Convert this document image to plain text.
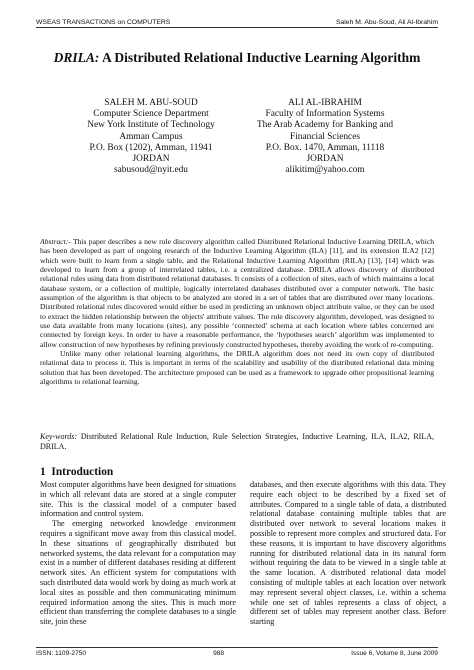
WSEAS TRANSACTIONS on COMPUTERS	Saleh M. Abu-Soud, Ali Al-Ibrahim
DRILA: A Distributed Relational Inductive Learning Algorithm
SALEH M. ABU-SOUD
Computer Science Department
New York Institute of Technology
Amman Campus
P.O. Box (1202), Amman, 11941
JORDAN
sabusoud@nyit.edu
ALI AL-IBRAHIM
Faculty of Information Systems
The Arab Academy for Banking and
Financial Sciences
P.O. Box. 1470, Amman, 11118
JORDAN
alikitim@yahoo.com

Abstract:- This paper describes a new rule discovery algorithm called Distributed Relational Inductive Learning DRILA, which has been developed as part of ongoing research of the Inductive Learning Algorithm (ILA) [11], and its extension ILA2 [12] which were built to learn from a single table, and the Relational Inductive Learning Algorithm (RILA) [13], [14] which was developed to learn from a group of interrelated tables, i.e. a centralized database. DRILA allows discovery of distributed relational rules using data from distributed relational databases. It consists of a collection of sites, each of which maintains a local database system, or a collection of multiple, logically interrelated databases distributed over a computer network. The basic assumption of the algorithm is that objects to be analyzed are stored in a set of tables that are distributed over many locations. Distributed relational rules discovered would either be used in predicting an unknown object attribute value, or they can be used to extract the hidden relationship between the objects' attribute values. The rule discovery algorithm, developed, was designed to use data available from many locations (sites), any possible ‘connected’ schema at each location where tables concerned are connected by foreign keys. In order to have a reasonable performance, the ‘hypotheses search’ algorithm was implemented to allow construction of new hypotheses by refining previously constructed hypotheses, thereby avoiding the work of re-computing.

Unlike many other relational learning algorithms, the DRILA algorithm does not need its own copy of distributed relational data to process it. This is important in terms of the scalability and usability of the distributed relational data mining solution that has been developed. The architecture proposed can be used as a framework to upgrade other propositional learning algorithms to relational learning.

Key-words: Distributed Relational Rule Induction, Rule Selection Strategies, Inductive Learning, ILA, ILA2, RILA, DRILA.

1 Introduction

Most computer algorithms have been designed for situations in which all relevant data are stored at a single computer site. This is the classical model of a computer based information and control system.

The emerging networked knowledge environment requires a significant move away from this classical model. In these situations of geographically distributed but networked systems, the data relevant for a computation may exist in a number of different databases residing at different network sites. An efficient system for computations with such distributed data would work by doing as much work at local sites as possible and then communicating minimum required information among the sites. This is much more efficient than transferring the complete databases to a single site, join these

databases, and then execute algorithms with this data. They require each object to be described by a fixed set of attributes. Compared to a single table of data, a distributed relational database containing multiple tables that are distributed over network to several locations makes it possible to represent more complex and structured data. For these reasons, it is important to have discovery algorithms running for distributed relational data in its natural form without requiring the data to be viewed in a single table at the same location. A distributed relational data model consisting of multiple tables at each location over network may represent several object classes, i.e. within a schema while one set of tables represents a class of object, a different set of tables may represent another class. Before starting

ISSN: 1109-2750	988	Issue 6, Volume 8, June 2009
